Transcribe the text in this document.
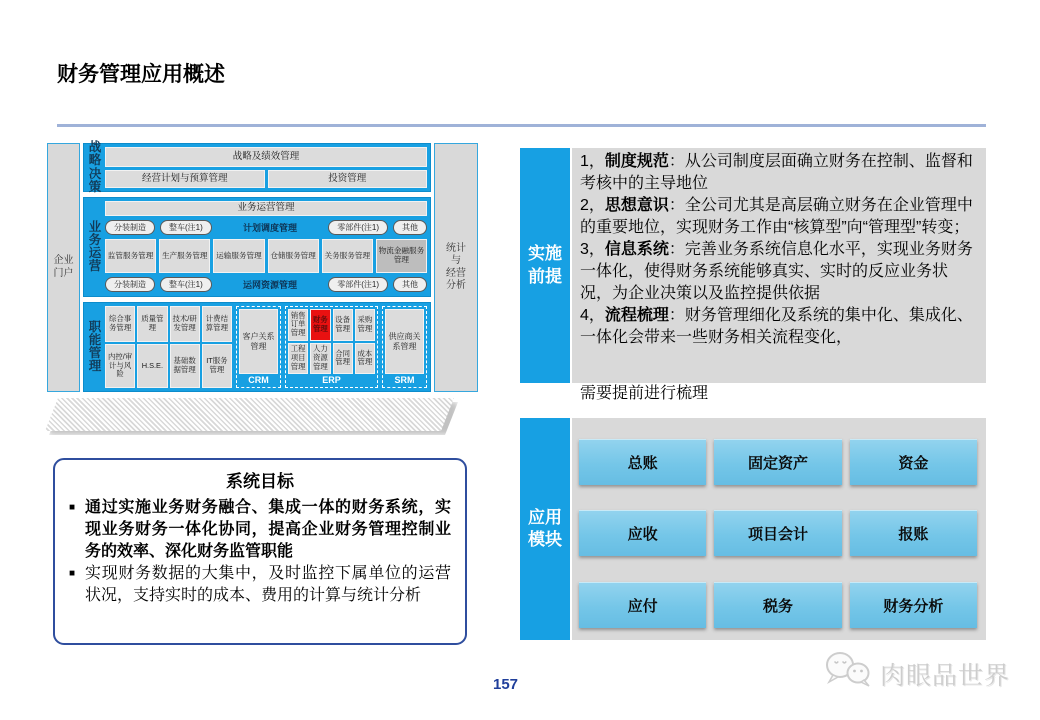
财务管理应用概述
企业门户
战略决策
战略及绩效管理
经营计划与预算管理	投资管理
业务运营
业务运营管理
分装制造	整车(注1)	计划调度管理	零部件(注1)	其他
监管服务管理	生产服务管理	运输服务管理	仓储服务管理	关务服务管理	物流金融服务管理
分装制造	整车(注1)	运网资源管理	零部件(注1)	其他
职能管理
综合事务管理
质量管理
技术/研发管理
计费结算管理
内控/审计与风险
H.S.E.	基础数据管理
IT服务管理
客户关系管理
CRM
销售订单管理
财务管理
设备管理
采购管理
工程项目管理
人力资源管理
合同管理
成本管理
ERP
供应商关系管理
SRM
统计
与
经营
分析
系统目标
■ 通过实施业务财务融合、集成一体的财务系统，实现业务财务一体化协同，提高企业财务管理控制业务的效率、深化财务监管职能
■ 实现财务数据的大集中，及时监控下属单位的运营状况，支持实时的成本、费用的计算与统计分析
实施前提
1，制度规范：从公司制度层面确立财务在控制、监督和考核中的主导地位
2，思想意识：全公司尤其是高层确立财务在企业管理中的重要地位，实现财务工作由“核算型”向“管理型”转变；
3，信息系统：完善业务系统信息化水平，实现业务财务一体化，使得财务系统能够真实、实时的反应业务状况，为企业决策以及监控提供依据
4，流程梳理：财务管理细化及系统的集中化、集成化、一体化会带来一些财务相关流程变化，
需要提前进行梳理
应用模块
总账	固定资产	资金
应收	项目会计	报账
应付	税务	财务分析
157	肉眼品世界
